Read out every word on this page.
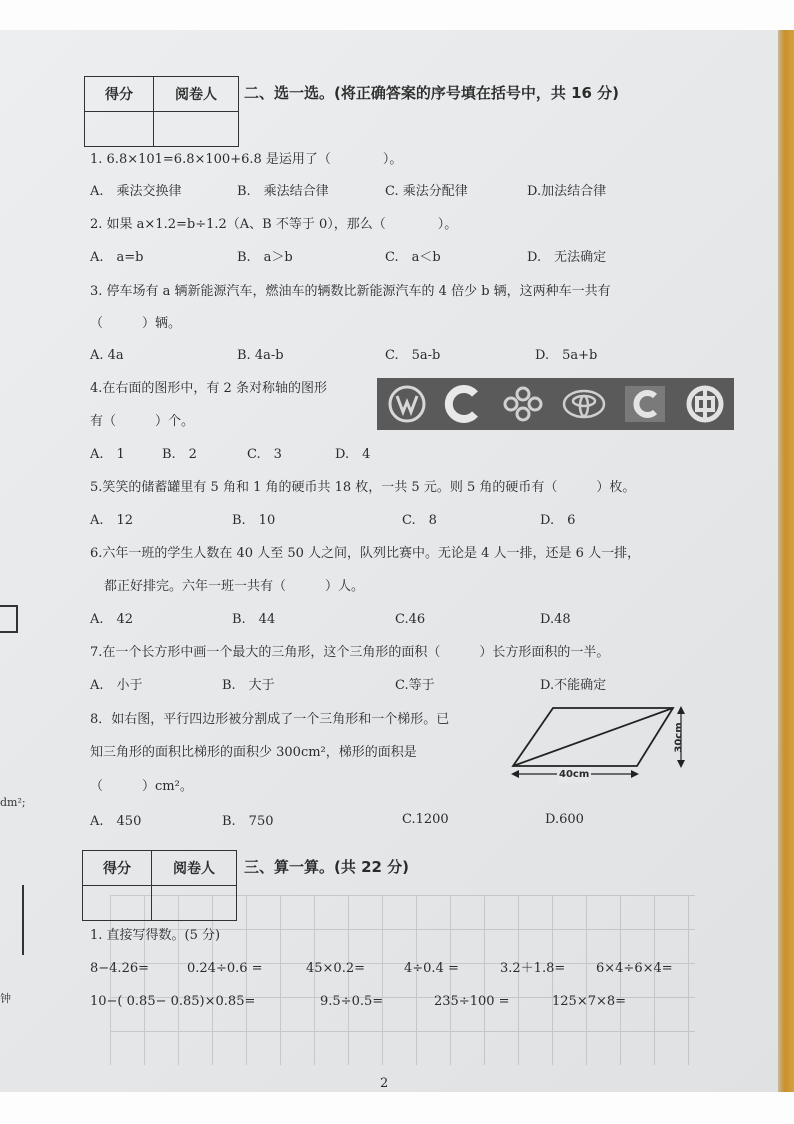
dm²;
钟
得分	阅卷人
	二、选一选。(将正确答案的序号填在括号中，共 16 分)
1. 6.8×101=6.8×100+6.8 是运用了（　　　　）。
A.　乘法交换律	B.　乘法结合律	C. 乘法分配律	D.加法结合律
2. 如果 a×1.2=b÷1.2（A、B 不等于 0），那么（　　　　）。
A.　a=b	B.　a＞b	C.　a＜b	D.　无法确定
3. 停车场有 a 辆新能源汽车，燃油车的辆数比新能源汽车的 4 倍少 b 辆，这两种车一共有
（　　　）辆。
A. 4a	B. 4a-b	C.　5a-b	D.　5a+b
4.在右面的图形中，有 2 条对称轴的图形
有（　　　）个。
A.　1	B.　2	C.　3	D.　4
5.笑笑的储蓄罐里有 5 角和 1 角的硬币共 18 枚，一共 5 元。则 5 角的硬币有（　　　）枚。
A.　12	B.　10	C.　8	D.　6
6.六年一班的学生人数在 40 人至 50 人之间，队列比赛中。无论是 4 人一排，还是 6 人一排，
都正好排完。六年一班一共有（　　　）人。
A.　42	B.　44	C.46	D.48
7.在一个长方形中画一个最大的三角形，这个三角形的面积（　　　）长方形面积的一半。
A.　小于	B.　大于	C.等于	D.不能确定
8．如右图，平行四边形被分割成了一个三角形和一个梯形。已
知三角形的面积比梯形的面积少 300cm²，梯形的面积是
（　　　）cm²。
40cm
30cm
A.　450	B.　750	C.1200	D.600
得分	阅卷人
	三、算一算。(共 22 分)
1. 直接写得数。(5 分)
8−4.26=	0.24÷0.6 =	45×0.2=	4÷0.4 =	3.2＋1.8= 6×4÷6×4=
10−( 0.85− 0.85)×0.85=	9.5÷0.5=	235÷100 =	125×7×8=
2
